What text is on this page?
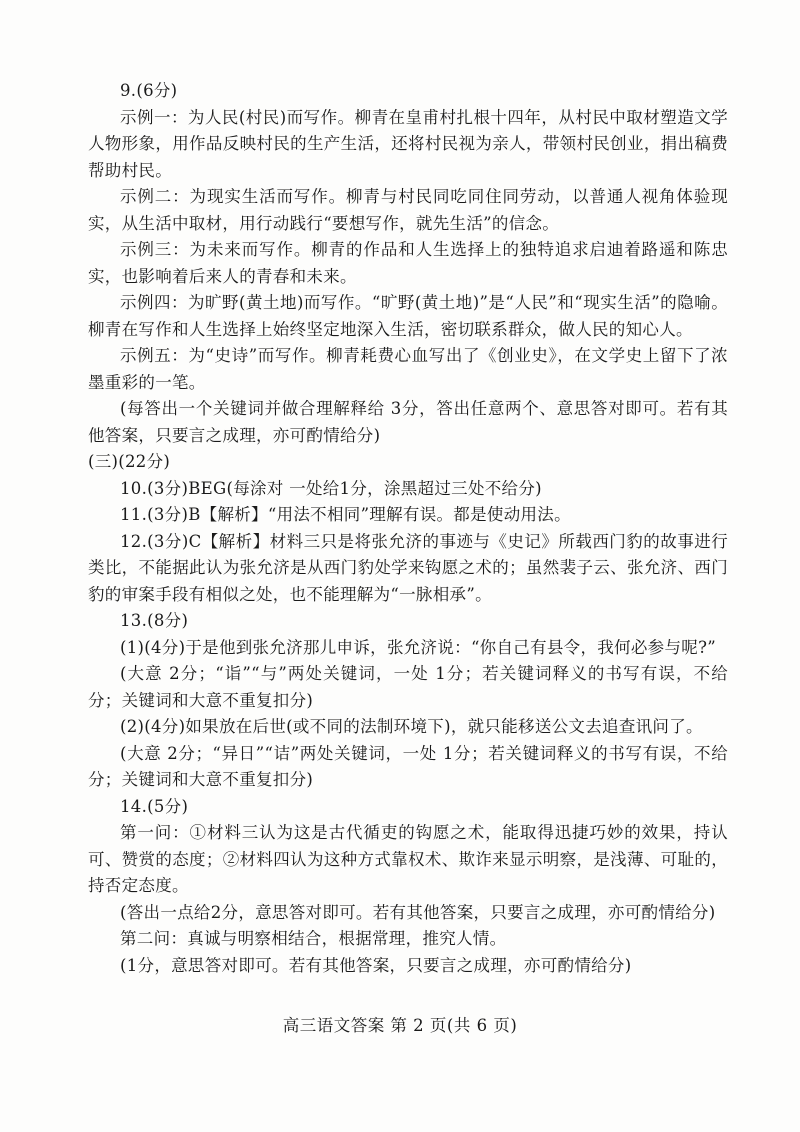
9.(6分)

示例一：为人民(村民)而写作。柳青在皇甫村扎根十四年，从村民中取材塑造文学人物形象，用作品反映村民的生产生活，还将村民视为亲人，带领村民创业，捐出稿费帮助村民。

示例二：为现实生活而写作。柳青与村民同吃同住同劳动，以普通人视角体验现实，从生活中取材，用行动践行“要想写作，就先生活”的信念。

示例三：为未来而写作。柳青的作品和人生选择上的独特追求启迪着路遥和陈忠实，也影响着后来人的青春和未来。

示例四：为旷野(黄土地)而写作。“旷野(黄土地)”是“人民”和“现实生活”的隐喻。柳青在写作和人生选择上始终坚定地深入生活，密切联系群众，做人民的知心人。

示例五：为“史诗”而写作。柳青耗费心血写出了《创业史》，在文学史上留下了浓墨重彩的一笔。

(每答出一个关键词并做合理解释给 3分，答出任意两个、意思答对即可。若有其他答案，只要言之成理，亦可酌情给分)

(三)(22分)

10.(3分)BEG(每涂对 一处给1分，涂黑超过三处不给分)

11.(3分)B【解析】“用法不相同”理解有误。都是使动用法。

12.(3分)C【解析】材料三只是将张允济的事迹与《史记》所载西门豹的故事进行类比，不能据此认为张允济是从西门豹处学来钩愿之术的；虽然裴子云、张允济、西门豹的审案手段有相似之处，也不能理解为“一脉相承”。

13.(8分)

(1)(4分)于是他到张允济那儿申诉，张允济说：“你自己有县令，我何必参与呢?”

(大意 2分；“诣”“与”两处关键词，一处 1分；若关键词释义的书写有误，不给分；关键词和大意不重复扣分)

(2)(4分)如果放在后世(或不同的法制环境下)，就只能移送公文去追查讯问了。

(大意 2分；“异日”“诘”两处关键词，一处 1分；若关键词释义的书写有误，不给分；关键词和大意不重复扣分)

14.(5分)

第一问：①材料三认为这是古代循吏的钩愿之术，能取得迅捷巧妙的效果，持认可、赞赏的态度；②材料四认为这种方式靠权术、欺诈来显示明察，是浅薄、可耻的，持否定态度。

(答出一点给2分，意思答对即可。若有其他答案，只要言之成理，亦可酌情给分)

第二问：真诚与明察相结合，根据常理，推究人情。

(1分，意思答对即可。若有其他答案，只要言之成理，亦可酌情给分)

高三语文答案 第 2 页(共 6 页)
